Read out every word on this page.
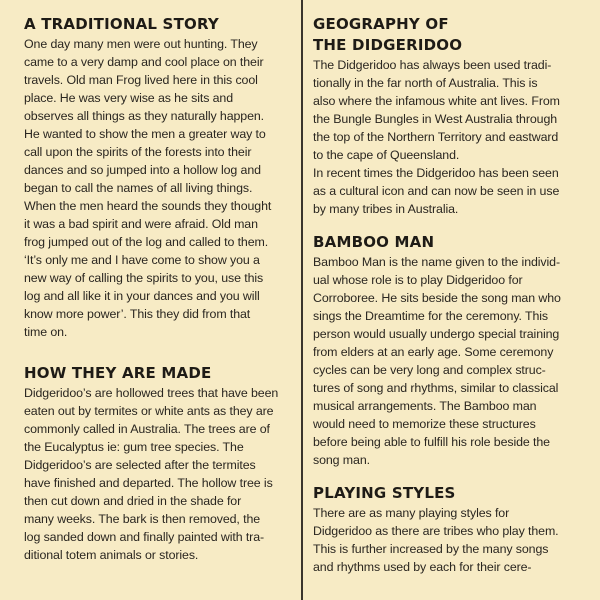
A TRADITIONAL STORY
One day many men were out hunting. They
came to a very damp and cool place on their
travels. Old man Frog lived here in this cool
place. He was very wise as he sits and
observes all things as they naturally happen.
He wanted to show the men a greater way to
call upon the spirits of the forests into their
dances and so jumped into a hollow log and
began to call the names of all living things.
When the men heard the sounds they thought
it was a bad spirit and were afraid. Old man
frog jumped out of the log and called to them.
‘It’s only me and I have come to show you a
new way of calling the spirits to you, use this
log and all like it in your dances and you will
know more power’. This they did from that
time on.
HOW THEY ARE MADE
Didgeridoo’s are hollowed trees that have been
eaten out by termites or white ants as they are
commonly called in Australia. The trees are of
the Eucalyptus ie: gum tree species. The
Didgeridoo’s are selected after the termites
have finished and departed. The hollow tree is
then cut down and dried in the shade for
many weeks. The bark is then removed, the
log sanded down and finally painted with tra-
ditional totem animals or stories.
GEOGRAPHY OF
THE DIDGERIDOO
The Didgeridoo has always been used tradi-
tionally in the far north of Australia. This is
also where the infamous white ant lives. From
the Bungle Bungles in West Australia through
the top of the Northern Territory and eastward
to the cape of Queensland.
In recent times the Didgeridoo has been seen
as a cultural icon and can now be seen in use
by many tribes in Australia.
BAMBOO MAN
Bamboo Man is the name given to the individ-
ual whose role is to play Didgeridoo for
Corroboree. He sits beside the song man who
sings the Dreamtime for the ceremony. This
person would usually undergo special training
from elders at an early age. Some ceremony
cycles can be very long and complex struc-
tures of song and rhythms, similar to classical
musical arrangements. The Bamboo man
would need to memorize these structures
before being able to fulfill his role beside the
song man.
PLAYING STYLES
There are as many playing styles for
Didgeridoo as there are tribes who play them.
This is further increased by the many songs
and rhythms used by each for their cere-
